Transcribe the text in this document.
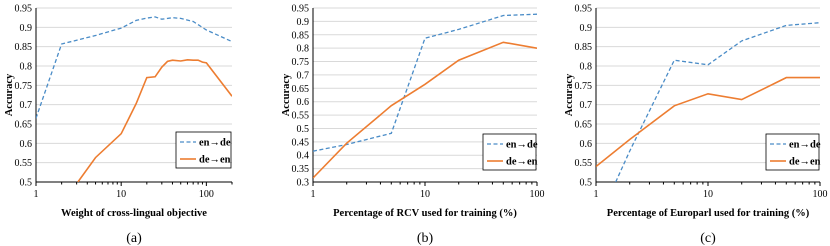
0.5
0.55
0.6
0.65
0.7
0.75
0.8
0.85
0.9
0.95
1	10	100
en→de
de→en
Weight of cross-lingual objective
Accuracy
(a)
0.3
0.35
0.4
0.45
0.5
0.55
0.6
0.65
0.7
0.75
0.8
0.85
0.9
0.95
1	10	100
en→de
de→en
Percentage of RCV used for training (%)
Accuracy
(b)
0.5
0.55
0.6
0.65
0.7
0.75
0.8
0.85
0.9
0.95
1	10	100
en→de
de→en
Percentage of Europarl used for training (%)
Accuracy
(c)
